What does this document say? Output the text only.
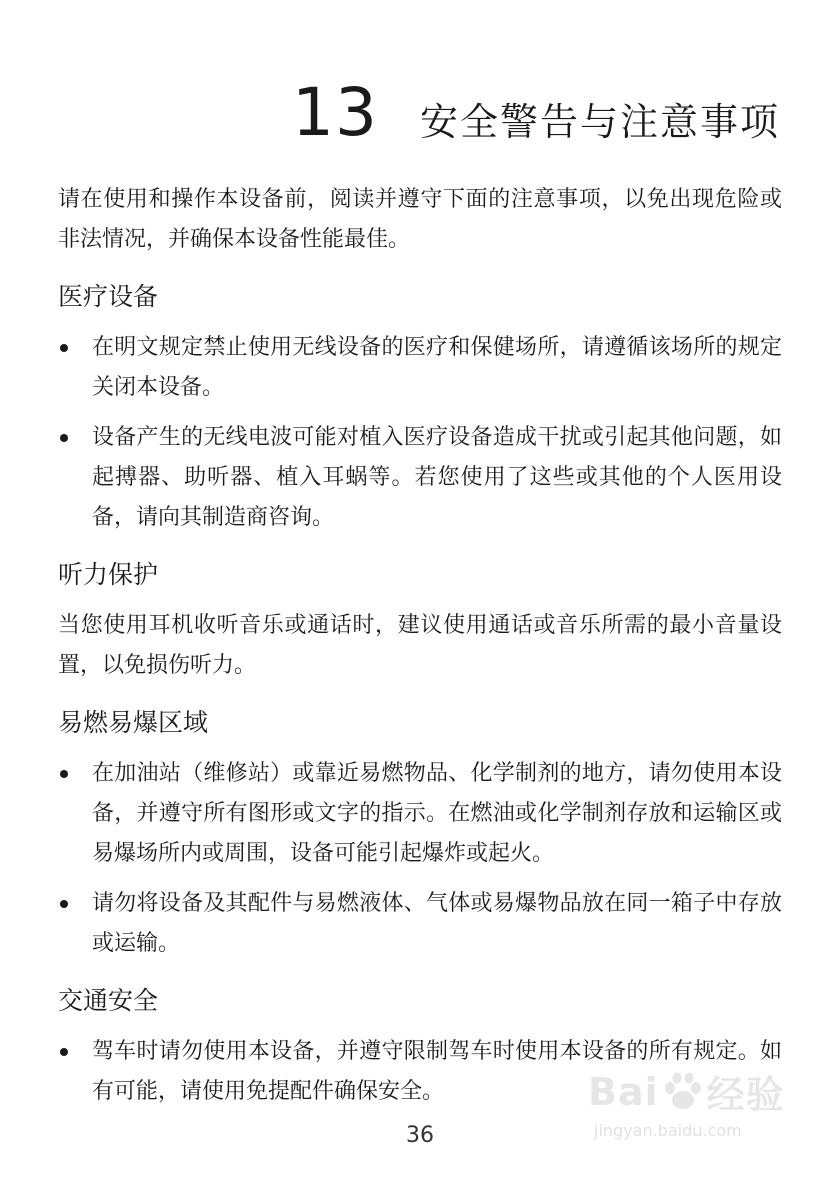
13 安全警告与注意事项

请在使用和操作本设备前，阅读并遵守下面的注意事项，以免出现危险或非法情况，并确保本设备性能最佳。

医疗设备
在明文规定禁止使用无线设备的医疗和保健场所，请遵循该场所的规定关闭本设备。
设备产生的无线电波可能对植入医疗设备造成干扰或引起其他问题，如起搏器、助听器、植入耳蜗等。若您使用了这些或其他的个人医用设备，请向其制造商咨询。
听力保护

当您使用耳机收听音乐或通话时，建议使用通话或音乐所需的最小音量设置，以免损伤听力。

易燃易爆区域
在加油站（维修站）或靠近易燃物品、化学制剂的地方，请勿使用本设备，并遵守所有图形或文字的指示。在燃油或化学制剂存放和运输区或易爆场所内或周围，设备可能引起爆炸或起火。
请勿将设备及其配件与易燃液体、气体或易爆物品放在同一箱子中存放或运输。
交通安全
驾车时请勿使用本设备，并遵守限制驾车时使用本设备的所有规定。如有可能，请使用免提配件确保安全。
36
Bai 经验
jingyan.baidu.com
